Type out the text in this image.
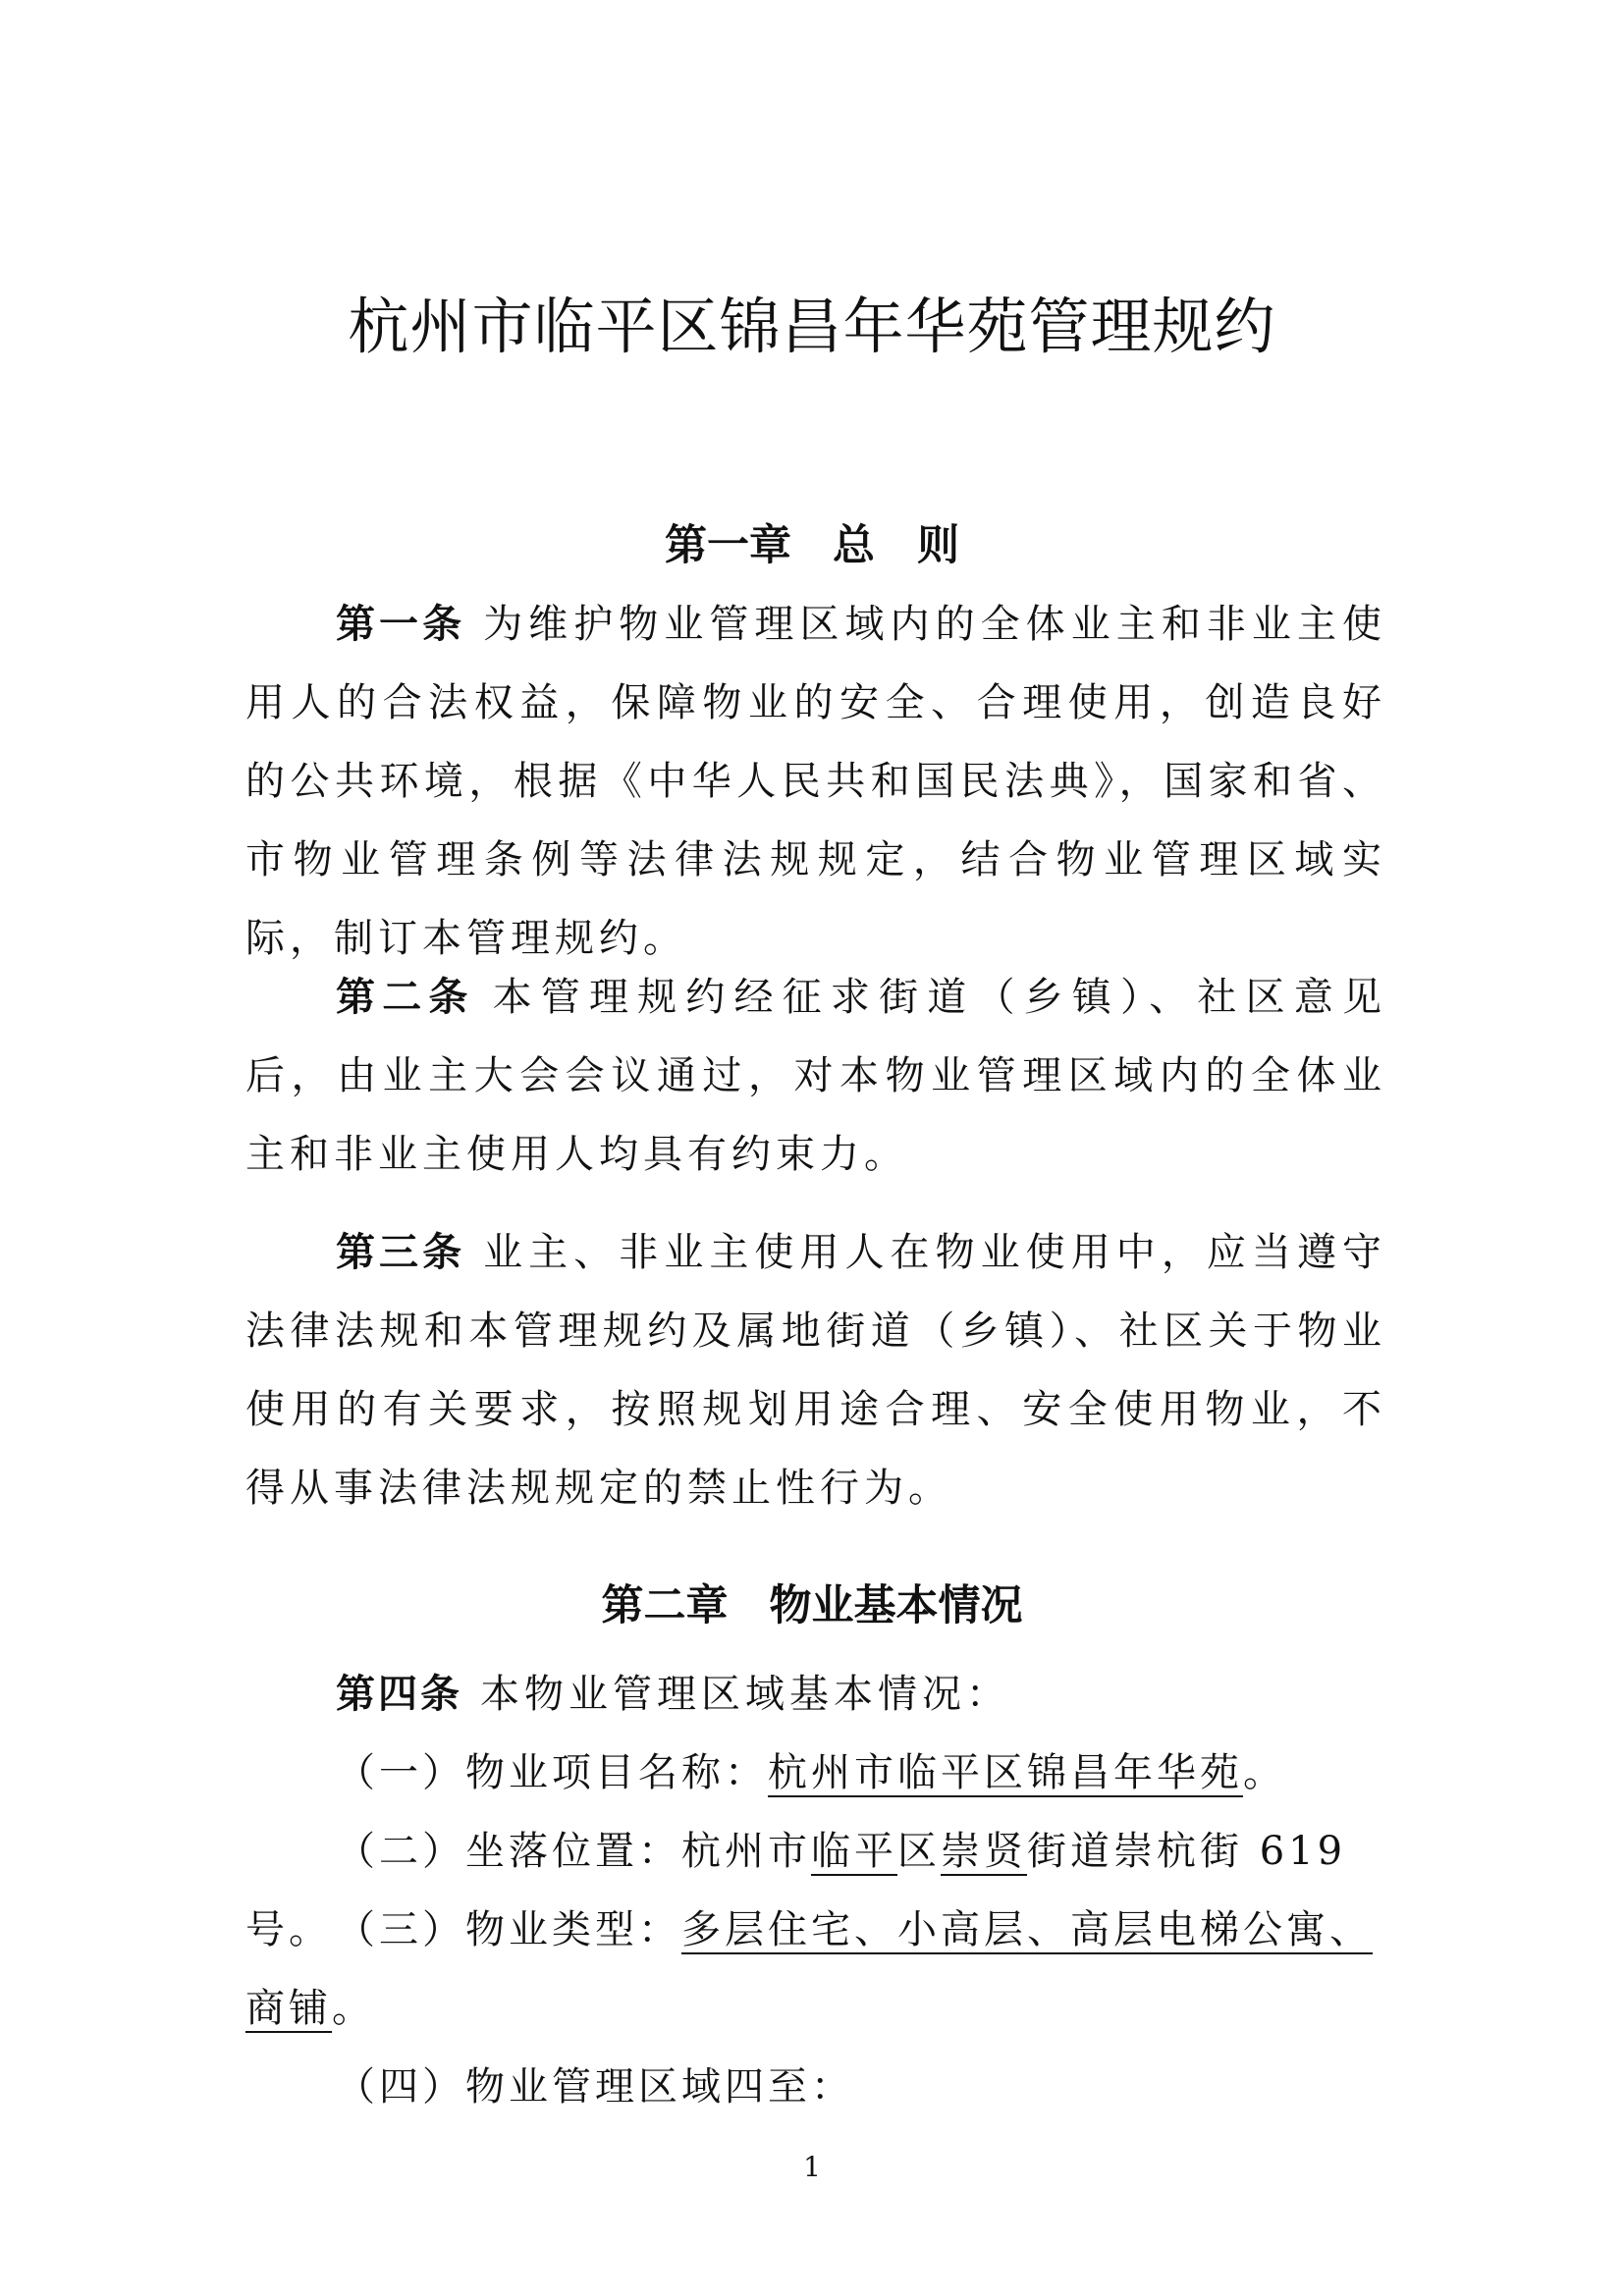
杭州市临平区锦昌年华苑管理规约
第一章 总　则

第一条 为维护物业管理区域内的全体业主和非业主使用人的合法权益，保障物业的安全、合理使用，创造良好的公共环境，根据《中华人民共和国民法典》，国家和省、市物业管理条例等法律法规规定，结合物业管理区域实际，制订本管理规约。

第二条 本管理规约经征求街道（乡镇）、社区意见后，由业主大会会议通过，对本物业管理区域内的全体业主和非业主使用人均具有约束力。

第三条 业主、非业主使用人在物业使用中，应当遵守法律法规和本管理规约及属地街道（乡镇）、社区关于物业使用的有关要求，按照规划用途合理、安全使用物业，不得从事法律法规规定的禁止性行为。

第二章 物业基本情况

第四条 本物业管理区域基本情况：

（一）物业项目名称：杭州市临平区锦昌年华苑。

（二）坐落位置：杭州市临平区崇贤街道崇杭街 619 号。 （三）物业类型：多层住宅、小高层、高层电梯公寓、商铺。

（四）物业管理区域四至：

1
